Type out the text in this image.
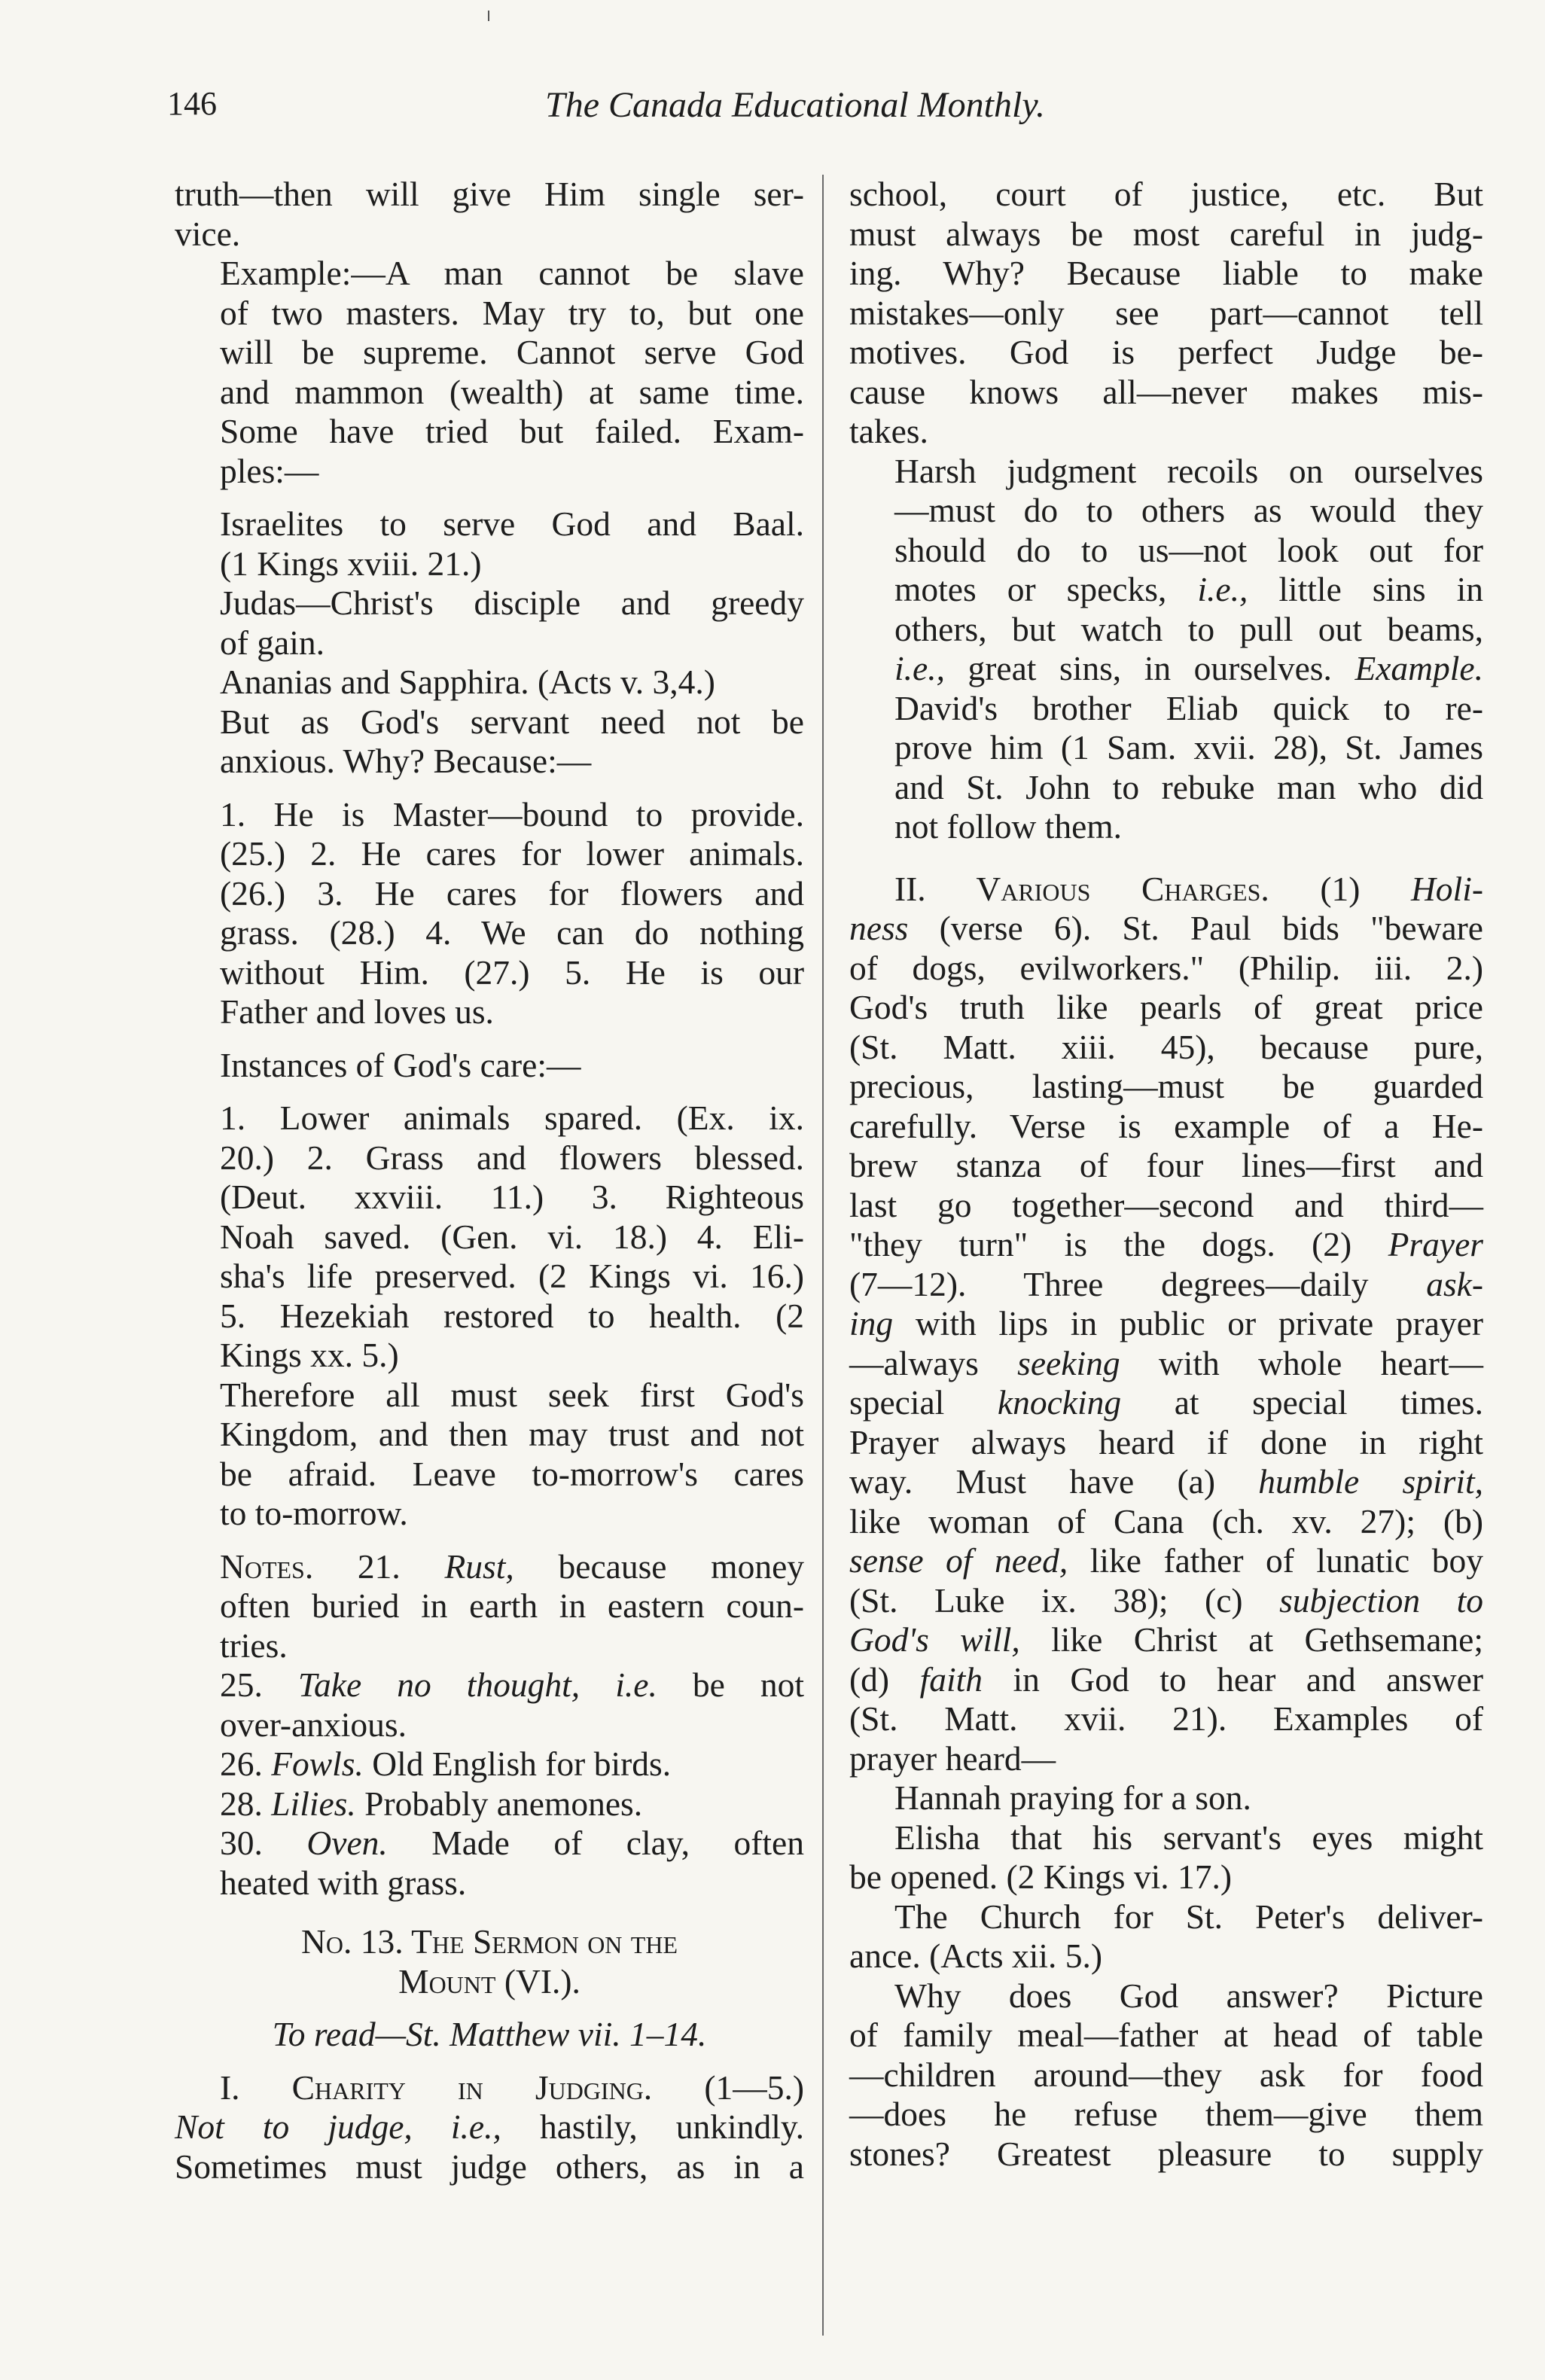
146	The Canada Educational Monthly.

truth—then will give Him single ser-
vice.

Example:—A man cannot be slave
of two masters. May try to, but one
will be supreme. Cannot serve God
and mammon (wealth) at same time.
Some have tried but failed. Exam-
ples:—

Israelites to serve God and Baal.
(1 Kings xviii. 21.)

Judas—Christ's disciple and greedy
of gain.

Ananias and Sapphira. (Acts v. 3,4.)

But as God's servant need not be
anxious. Why? Because:—

1. He is Master—bound to provide.
(25.) 2. He cares for lower animals.
(26.) 3. He cares for flowers and
grass. (28.) 4. We can do nothing
without Him. (27.) 5. He is our
Father and loves us.

Instances of God's care:—

1. Lower animals spared. (Ex. ix.
20.) 2. Grass and flowers blessed.
(Deut. xxviii. 11.) 3. Righteous
Noah saved. (Gen. vi. 18.) 4. Eli-
sha's life preserved. (2 Kings vi. 16.)
5. Hezekiah restored to health. (2
Kings xx. 5.)

Therefore all must seek first God's
Kingdom, and then may trust and not
be afraid. Leave to-morrow's cares
to to-morrow.

Notes. 21. Rust, because money
often buried in earth in eastern coun-
tries.

25. Take no thought, i.e. be not
over-anxious.

26. Fowls. Old English for birds.

28. Lilies. Probably anemones.

30. Oven. Made of clay, often
heated with grass.

No. 13. The Sermon on the
Mount (VI.).

To read—St. Matthew vii. 1–14.

I. Charity in Judging. (1—5.)

Not to judge, i.e., hastily, unkindly.
Sometimes must judge others, as in a

school, court of justice, etc. But
must always be most careful in judg-
ing. Why? Because liable to make
mistakes—only see part—cannot tell
motives. God is perfect Judge be-
cause knows all—never makes mis-
takes.

Harsh judgment recoils on ourselves
—must do to others as would they
should do to us—not look out for
motes or specks, i.e., little sins in
others, but watch to pull out beams,
i.e., great sins, in ourselves. Example.
David's brother Eliab quick to re-
prove him (1 Sam. xvii. 28), St. James
and St. John to rebuke man who did
not follow them.

II. Various Charges. (1) Holi-
ness (verse 6). St. Paul bids "beware
of dogs, evilworkers." (Philip. iii. 2.)
God's truth like pearls of great price
(St. Matt. xiii. 45), because pure,
precious, lasting—must be guarded
carefully. Verse is example of a He-
brew stanza of four lines—first and
last go together—second and third—
"they turn" is the dogs. (2) Prayer
(7—12). Three degrees—daily ask-
ing with lips in public or private prayer
—always seeking with whole heart—
special knocking at special times.
Prayer always heard if done in right
way. Must have (a) humble spirit,
like woman of Cana (ch. xv. 27); (b)
sense of need, like father of lunatic boy
(St. Luke ix. 38); (c) subjection to
God's will, like Christ at Gethsemane;
(d) faith in God to hear and answer
(St. Matt. xvii. 21). Examples of
prayer heard—

Hannah praying for a son.

Elisha that his servant's eyes might
be opened. (2 Kings vi. 17.)

The Church for St. Peter's deliver-
ance. (Acts xii. 5.)

Why does God answer? Picture
of family meal—father at head of table
—children around—they ask for food
—does he refuse them—give them
stones? Greatest pleasure to supply
